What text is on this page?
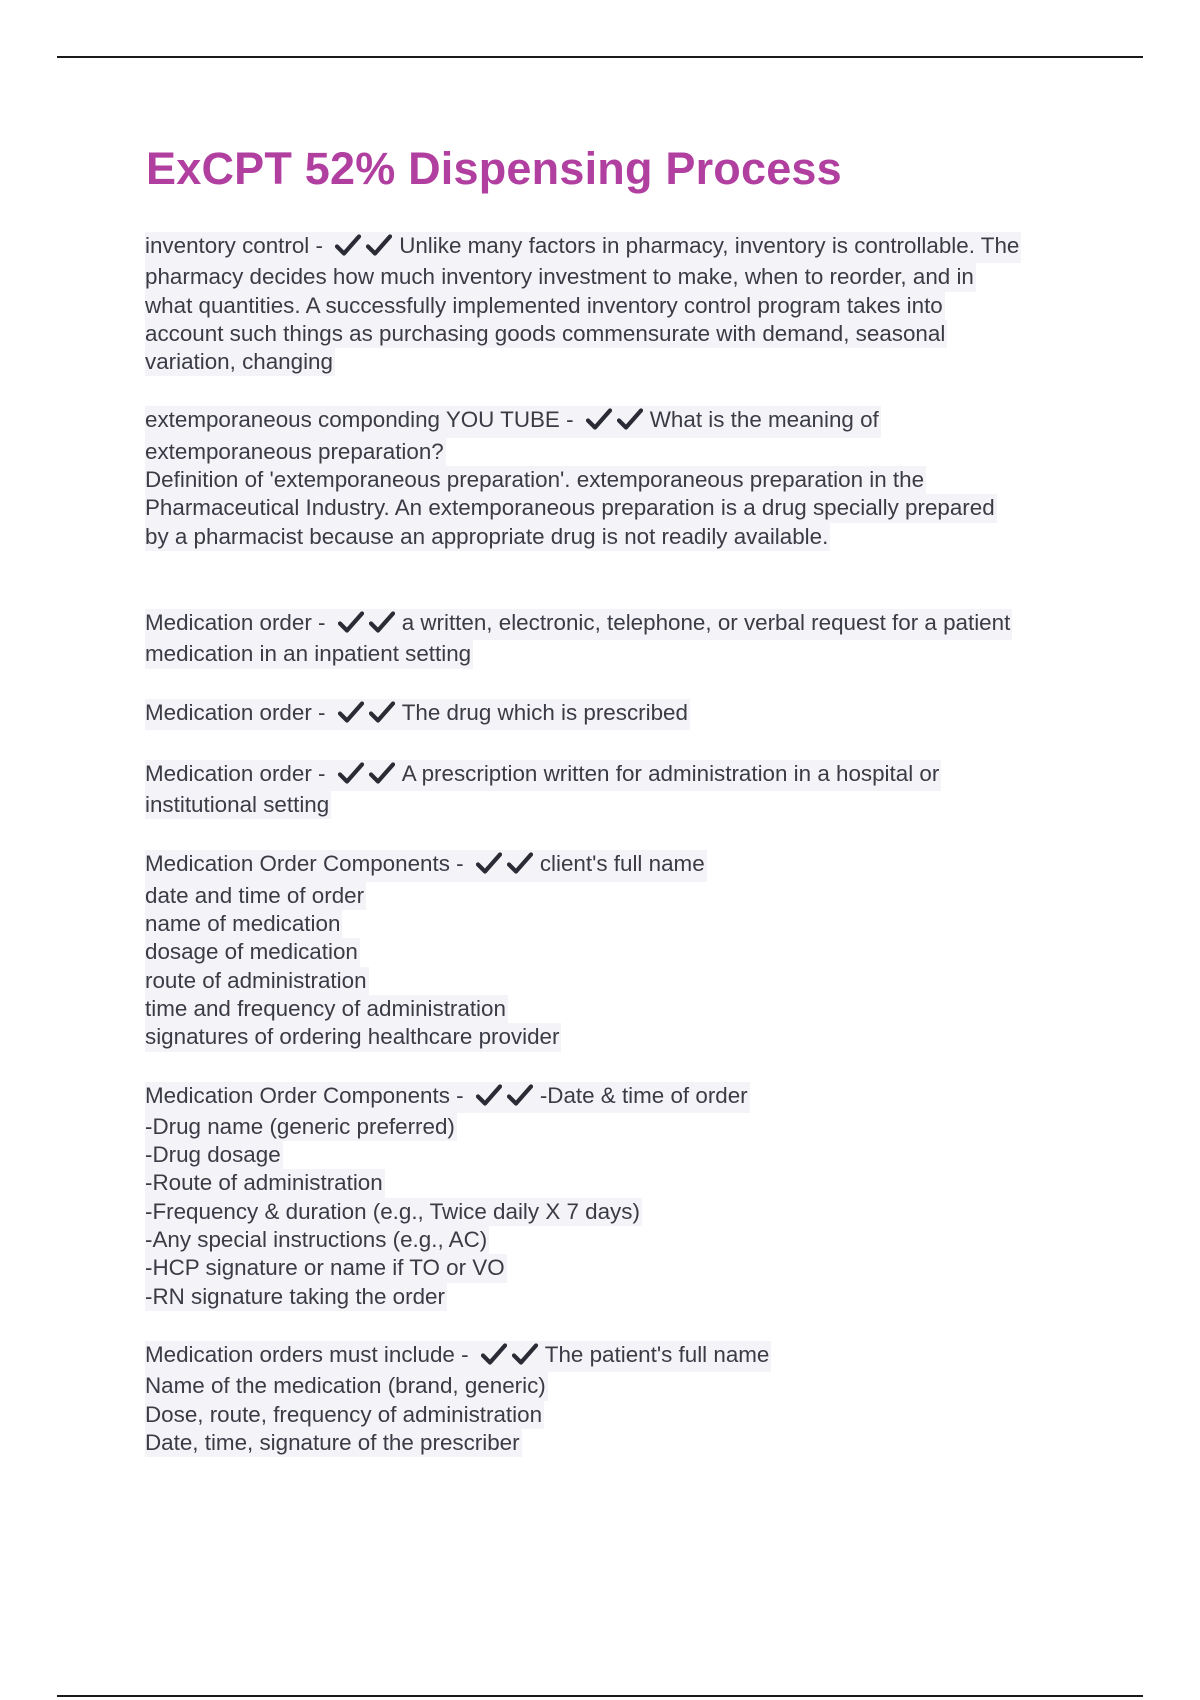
ExCPT 52% Dispensing Process
inventory control -	Unlike many factors in pharmacy, inventory is controllable. The
pharmacy decides how much inventory investment to make, when to reorder, and in
what quantities. A successfully implemented inventory control program takes into
account such things as purchasing goods commensurate with demand, seasonal
variation, changing
extemporaneous componding YOU TUBE -	What is the meaning of
extemporaneous preparation?
Definition of 'extemporaneous preparation'. extemporaneous preparation in the
Pharmaceutical Industry. An extemporaneous preparation is a drug specially prepared
by a pharmacist because an appropriate drug is not readily available.
Medication order -	a written, electronic, telephone, or verbal request for a patient
medication in an inpatient setting
Medication order -	The drug which is prescribed
Medication order -	A prescription written for administration in a hospital or
institutional setting
Medication Order Components -	client's full name
date and time of order
name of medication
dosage of medication
route of administration
time and frequency of administration
signatures of ordering healthcare provider
Medication Order Components -	-Date & time of order
-Drug name (generic preferred)
-Drug dosage
-Route of administration
-Frequency & duration (e.g., Twice daily X 7 days)
-Any special instructions (e.g., AC)
-HCP signature or name if TO or VO
-RN signature taking the order
Medication orders must include -	The patient's full name
Name of the medication (brand, generic)
Dose, route, frequency of administration
Date, time, signature of the prescriber
